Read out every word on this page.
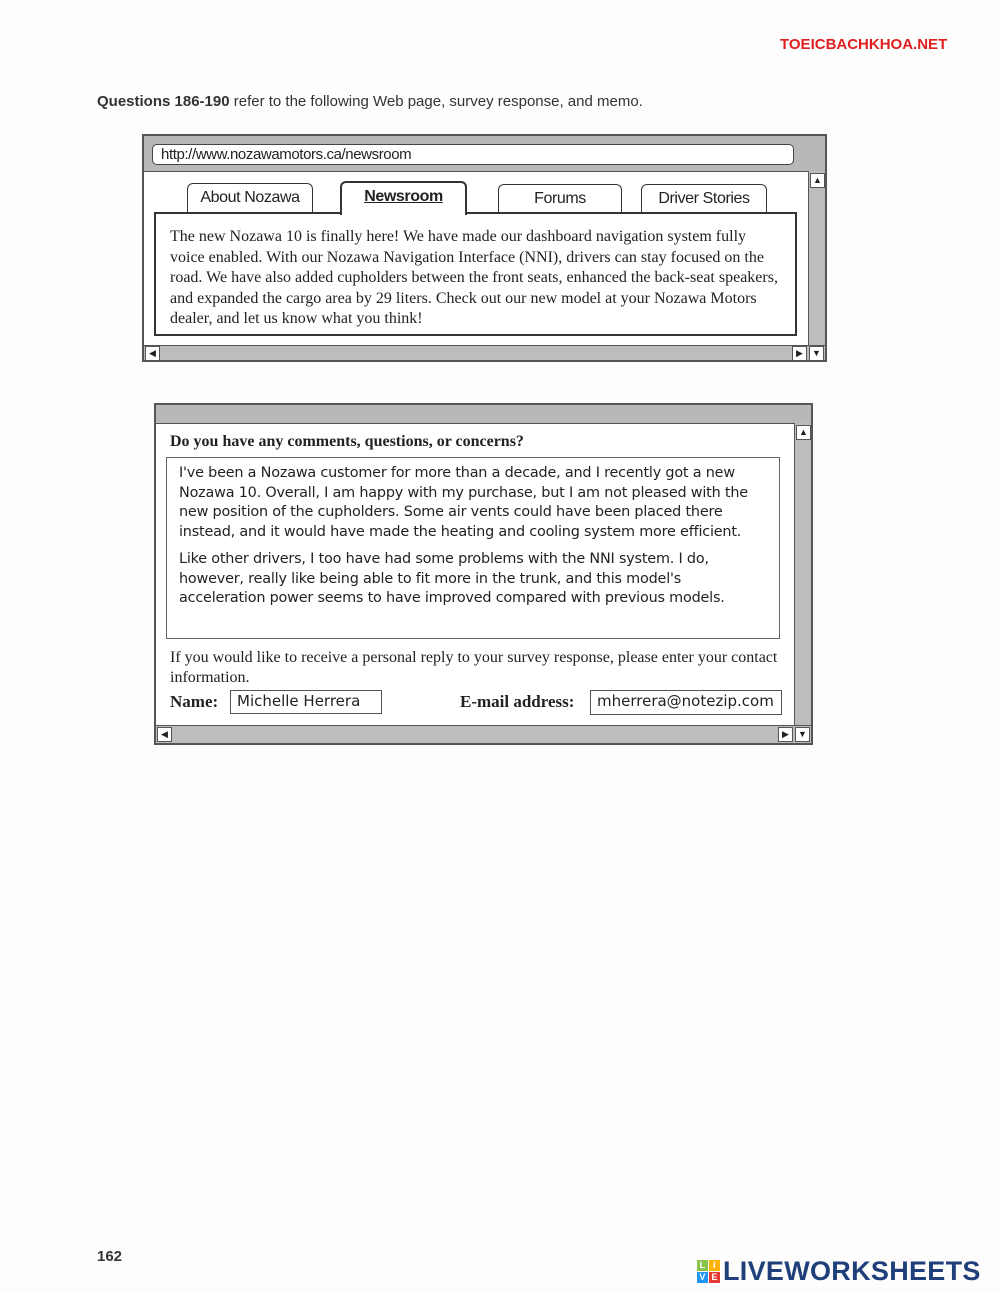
TOEICBACHKHOA.NET
Questions 186-190 refer to the following Web page, survey response, and memo.
http://www.nozawamotors.ca/newsroom
About Nozawa	Newsroom	Forums	Driver Stories
The new Nozawa 10 is finally here! We have made our dashboard navigation system fully voice enabled. With our Nozawa Navigation Interface (NNI), drivers can stay focused on the road. We have also added cupholders between the front seats, enhanced the back-seat speakers, and expanded the cargo area by 29 liters. Check out our new model at your Nozawa Motors dealer, and let us know what you think!
▲
◀	▶	▼
Do you have any comments, questions, or concerns?

I've been a Nozawa customer for more than a decade, and I recently got a new Nozawa 10. Overall, I am happy with my purchase, but I am not pleased with the new position of the cupholders. Some air vents could have been placed there instead, and it would have made the heating and cooling system more efficient.

Like other drivers, I too have had some problems with the NNI system. I do, however, really like being able to fit more in the trunk, and this model's acceleration power seems to have improved compared with previous models.

If you would like to receive a personal reply to your survey response, please enter your contact information.
Name:	Michelle Herrera	E-mail address:	mherrera@notezip.com
▲
◀	▶	▼
162	L I
V E LIVEWORKSHEETS
